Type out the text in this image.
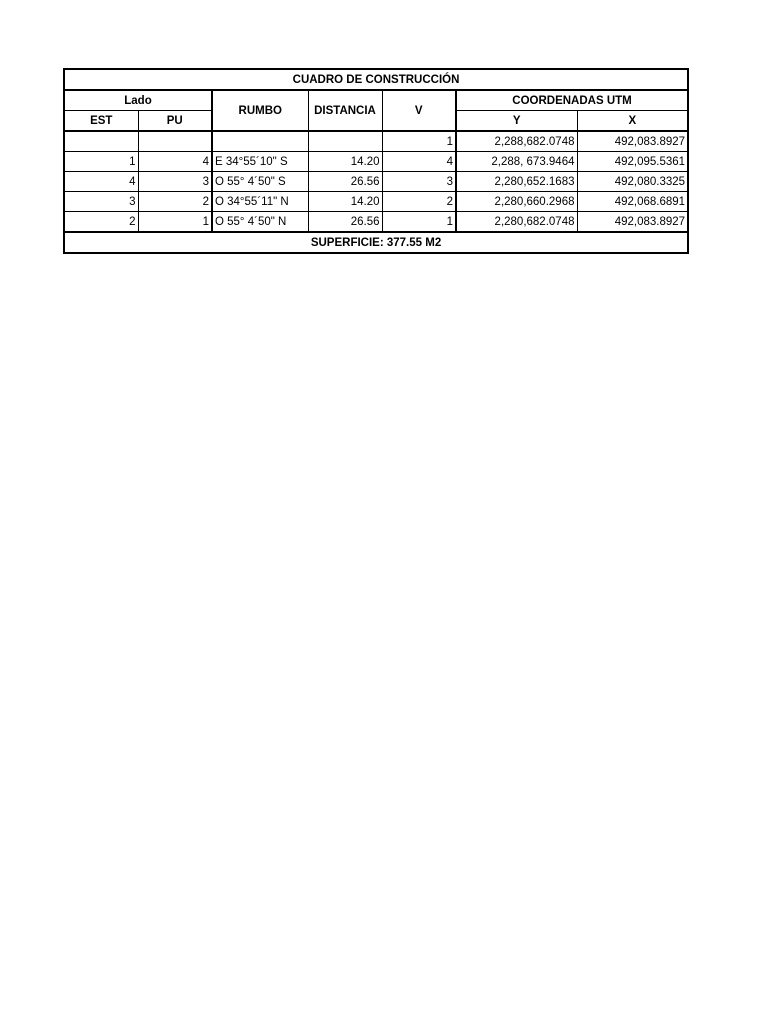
CUADRO DE CONSTRUCCIÓN						
Lado		RUMBO	DISTANCIA	V	COORDENADAS UTM	
EST	PU				Y	X
				1	2,288,682.0748	492,083.8927
1	4	E 34°55´10" S	14.20	4	2,288, 673.9464	492,095.5361
4	3	O 55° 4´50" S	26.56	3	2,280,652.1683	492,080.3325
3	2	O 34°55´11" N	14.20	2	2,280,660.2968	492,068.6891
2	1	O 55° 4´50" N	26.56	1	2,280,682.0748	492,083.8927
SUPERFICIE: 377.55 M2						
